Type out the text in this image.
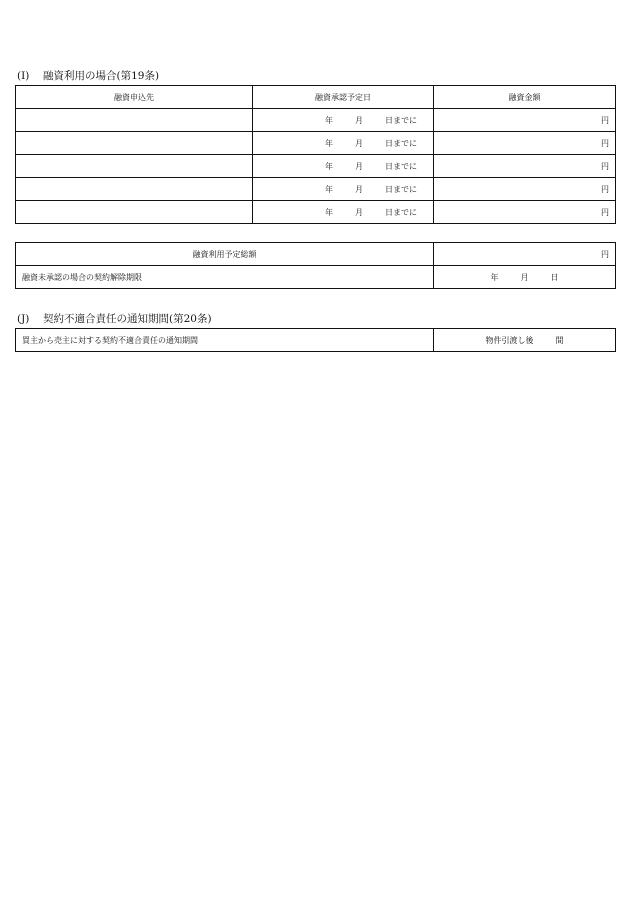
(I) 融資利用の場合(第19条)
融資申込先	融資承認予定日	融資金額
	年 月 日までに	円
	年 月 日までに	円
	年 月 日までに	円
	年 月 日までに	円
	年 月 日までに	円
融資利用予定総額	円
融資未承認の場合の契約解除期限	年 月 日
(J) 契約不適合責任の通知期間(第20条)
買主から売主に対する契約不適合責任の通知期間	物件引渡し後	間
